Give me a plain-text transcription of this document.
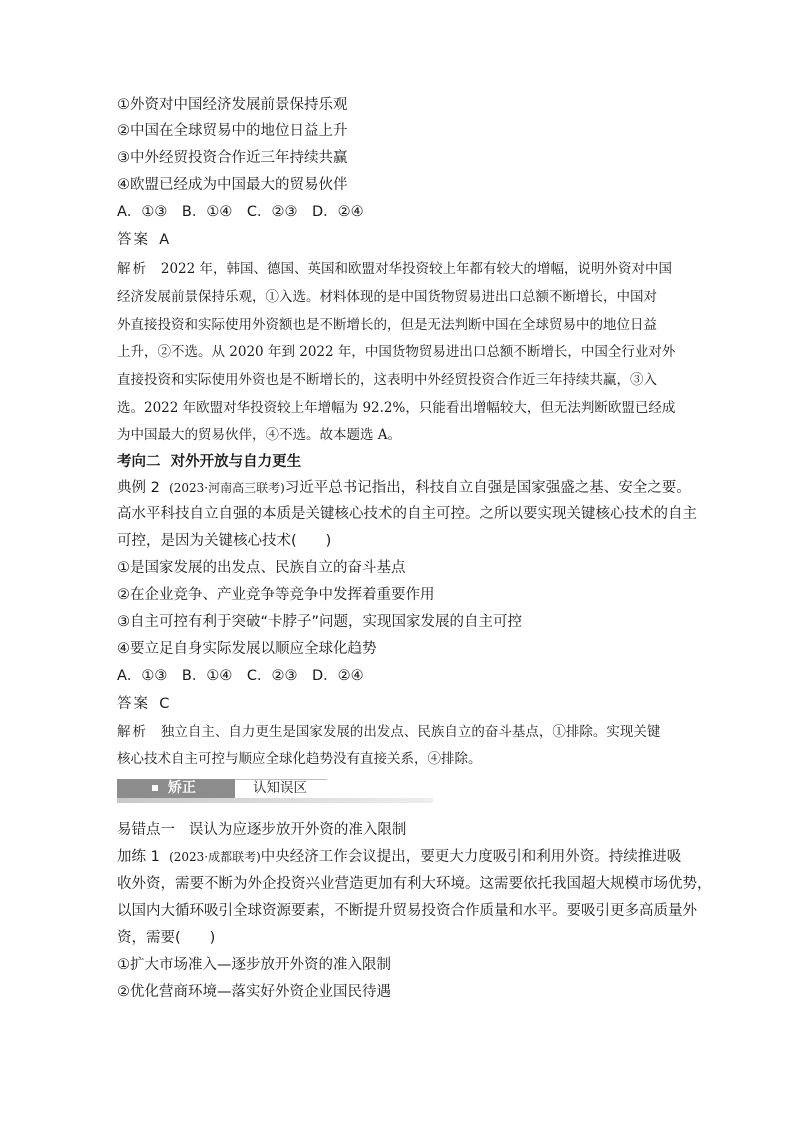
①外资对中国经济发展前景保持乐观
②中国在全球贸易中的地位日益上升
③中外经贸投资合作近三年持续共赢
④欧盟已经成为中国最大的贸易伙伴
A．①③　B．①④　C．②③　D．②④
答案 A
解析 2022 年，韩国、德国、英国和欧盟对华投资较上年都有较大的增幅，说明外资对中国
经济发展前景保持乐观，①入选。材料体现的是中国货物贸易进出口总额不断增长，中国对
外直接投资和实际使用外资额也是不断增长的，但是无法判断中国在全球贸易中的地位日益
上升，②不选。从 2020 年到 2022 年，中国货物贸易进出口总额不断增长，中国全行业对外
直接投资和实际使用外资也是不断增长的，这表明中外经贸投资合作近三年持续共赢，③入
选。2022 年欧盟对华投资较上年增幅为 92.2%，只能看出增幅较大，但无法判断欧盟已经成
为中国最大的贸易伙伴，④不选。故本题选 A。
考向二 对外开放与自力更生
典例 2 (2023·河南高三联考)习近平总书记指出，科技自立自强是国家强盛之基、安全之要。
高水平科技自立自强的本质是关键核心技术的自主可控。之所以要实现关键核心技术的自主
可控，是因为关键核心技术(　　)
①是国家发展的出发点、民族自立的奋斗基点
②在企业竞争、产业竞争等竞争中发挥着重要作用
③自主可控有利于突破“卡脖子”问题，实现国家发展的自主可控
④要立足自身实际发展以顺应全球化趋势
A．①③　B．①④　C．②③　D．②④
答案 C
解析 独立自主、自力更生是国家发展的出发点、民族自立的奋斗基点，①排除。实现关键
核心技术自主可控与顺应全球化趋势没有直接关系，④排除。
矫正	认知误区
易错点一 误认为应逐步放开外资的准入限制
加练 1 (2023·成都联考)中央经济工作会议提出，要更大力度吸引和利用外资。持续推进吸
收外资，需要不断为外企投资兴业营造更加有利大环境。这需要依托我国超大规模市场优势，
以国内大循环吸引全球资源要素，不断提升贸易投资合作质量和水平。要吸引更多高质量外
资，需要(　　)
①扩大市场准入—逐步放开外资的准入限制
②优化营商环境—落实好外资企业国民待遇
